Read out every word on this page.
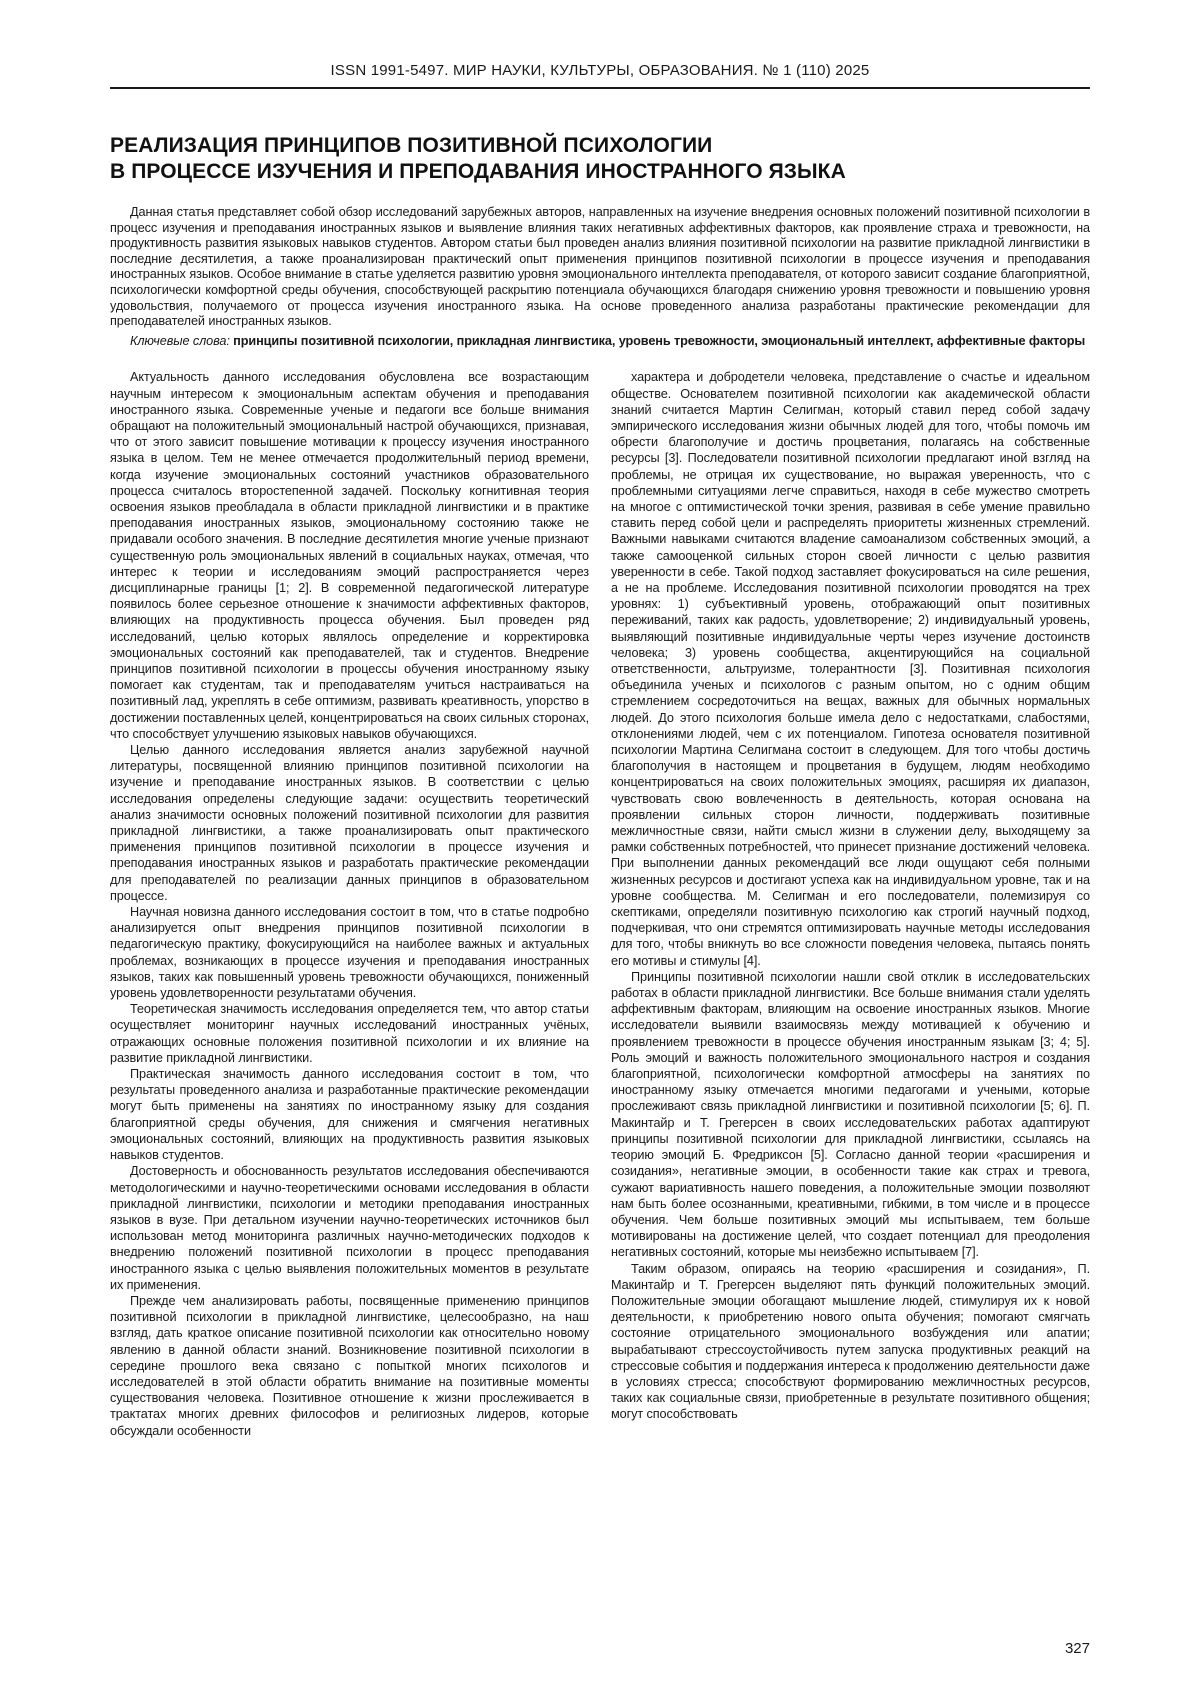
ISSN 1991-5497. МИР НАУКИ, КУЛЬТУРЫ, ОБРАЗОВАНИЯ. № 1 (110) 2025
РЕАЛИЗАЦИЯ ПРИНЦИПОВ ПОЗИТИВНОЙ ПСИХОЛОГИИ
В ПРОЦЕССЕ ИЗУЧЕНИЯ И ПРЕПОДАВАНИЯ ИНОСТРАННОГО ЯЗЫКА

Данная статья представляет собой обзор исследований зарубежных авторов, направленных на изучение внедрения основных положений позитивной психологии в процесс изучения и преподавания иностранных языков и выявление влияния таких негативных аффективных факторов, как проявление страха и тревожности, на продуктивность развития языковых навыков студентов. Автором статьи был проведен анализ влияния позитивной психологии на развитие прикладной лингвистики в последние десятилетия, а также проанализирован практический опыт применения принципов позитивной психологии в процессе изучения и преподавания иностранных языков. Особое внимание в статье уделяется развитию уровня эмоционального интеллекта преподавателя, от которого зависит создание благоприятной, психологически комфортной среды обучения, способствующей раскрытию потенциала обучающихся благодаря снижению уровня тревожности и повышению уровня удовольствия, получаемого от процесса изучения иностранного языка. На основе проведенного анализа разработаны практические рекомендации для преподавателей иностранных языков.

Ключевые слова: принципы позитивной психологии, прикладная лингвистика, уровень тревожности, эмоциональный интеллект, аффективные факторы

Актуальность данного исследования обусловлена все возрастающим научным интересом к эмоциональным аспектам обучения и преподавания иностранного языка. Современные ученые и педагоги все больше внимания обращают на положительный эмоциональный настрой обучающихся, признавая, что от этого зависит повышение мотивации к процессу изучения иностранного языка в целом. Тем не менее отмечается продолжительный период времени, когда изучение эмоциональных состояний участников образовательного процесса считалось второстепенной задачей. Поскольку когнитивная теория освоения языков преобладала в области прикладной лингвистики и в практике преподавания иностранных языков, эмоциональному состоянию также не придавали особого значения. В последние десятилетия многие ученые признают существенную роль эмоциональных явлений в социальных науках, отмечая, что интерес к теории и исследованиям эмоций распространяется через дисциплинарные границы [1; 2]. В современной педагогической литературе появилось более серьезное отношение к значимости аффективных факторов, влияющих на продуктивность процесса обучения. Был проведен ряд исследований, целью которых являлось определение и корректировка эмоциональных состояний как преподавателей, так и студентов. Внедрение принципов позитивной психологии в процессы обучения иностранному языку помогает как студентам, так и преподавателям учиться настраиваться на позитивный лад, укреплять в себе оптимизм, развивать креативность, упорство в достижении поставленных целей, концентрироваться на своих сильных сторонах, что способствует улучшению языковых навыков обучающихся.

Целью данного исследования является анализ зарубежной научной литературы, посвященной влиянию принципов позитивной психологии на изучение и преподавание иностранных языков. В соответствии с целью исследования определены следующие задачи: осуществить теоретический анализ значимости основных положений позитивной психологии для развития прикладной лингвистики, а также проанализировать опыт практического применения принципов позитивной психологии в процессе изучения и преподавания иностранных языков и разработать практические рекомендации для преподавателей по реализации данных принципов в образовательном процессе.

Научная новизна данного исследования состоит в том, что в статье подробно анализируется опыт внедрения принципов позитивной психологии в педагогическую практику, фокусирующийся на наиболее важных и актуальных проблемах, возникающих в процессе изучения и преподавания иностранных языков, таких как повышенный уровень тревожности обучающихся, пониженный уровень удовлетворенности результатами обучения.

Теоретическая значимость исследования определяется тем, что автор статьи осуществляет мониторинг научных исследований иностранных учёных, отражающих основные положения позитивной психологии и их влияние на развитие прикладной лингвистики.

Практическая значимость данного исследования состоит в том, что результаты проведенного анализа и разработанные практические рекомендации могут быть применены на занятиях по иностранному языку для создания благоприятной среды обучения, для снижения и смягчения негативных эмоциональных состояний, влияющих на продуктивность развития языковых навыков студентов.

Достоверность и обоснованность результатов исследования обеспечиваются методологическими и научно-теоретическими основами исследования в области прикладной лингвистики, психологии и методики преподавания иностранных языков в вузе. При детальном изучении научно-теоретических источников был использован метод мониторинга различных научно-методических подходов к внедрению положений позитивной психологии в процесс преподавания иностранного языка с целью выявления положительных моментов в результате их применения.

Прежде чем анализировать работы, посвященные применению принципов позитивной психологии в прикладной лингвистике, целесообразно, на наш взгляд, дать краткое описание позитивной психологии как относительно новому явлению в данной области знаний. Возникновение позитивной психологии в середине прошлого века связано с попыткой многих психологов и исследователей в этой области обратить внимание на позитивные моменты существования человека. Позитивное отношение к жизни прослеживается в трактатах многих древних философов и религиозных лидеров, которые обсуждали особенности

характера и добродетели человека, представление о счастье и идеальном обществе. Основателем позитивной психологии как академической области знаний считается Мартин Селигман, который ставил перед собой задачу эмпирического исследования жизни обычных людей для того, чтобы помочь им обрести благополучие и достичь процветания, полагаясь на собственные ресурсы [3]. Последователи позитивной психологии предлагают иной взгляд на проблемы, не отрицая их существование, но выражая уверенность, что с проблемными ситуациями легче справиться, находя в себе мужество смотреть на многое с оптимистической точки зрения, развивая в себе умение правильно ставить перед собой цели и распределять приоритеты жизненных стремлений. Важными навыками считаются владение самоанализом собственных эмоций, а также самооценкой сильных сторон своей личности с целью развития уверенности в себе. Такой подход заставляет фокусироваться на силе решения, а не на проблеме. Исследования позитивной психологии проводятся на трех уровнях: 1) субъективный уровень, отображающий опыт позитивных переживаний, таких как радость, удовлетворение; 2) индивидуальный уровень, выявляющий позитивные индивидуальные черты через изучение достоинств человека; 3) уровень сообщества, акцентирующийся на социальной ответственности, альтруизме, толерантности [3]. Позитивная психология объединила ученых и психологов с разным опытом, но с одним общим стремлением сосредоточиться на вещах, важных для обычных нормальных людей. До этого психология больше имела дело с недостатками, слабостями, отклонениями людей, чем с их потенциалом. Гипотеза основателя позитивной психологии Мартина Селигмана состоит в следующем. Для того чтобы достичь благополучия в настоящем и процветания в будущем, людям необходимо концентрироваться на своих положительных эмоциях, расширяя их диапазон, чувствовать свою вовлеченность в деятельность, которая основана на проявлении сильных сторон личности, поддерживать позитивные межличностные связи, найти смысл жизни в служении делу, выходящему за рамки собственных потребностей, что принесет признание достижений человека. При выполнении данных рекомендаций все люди ощущают себя полными жизненных ресурсов и достигают успеха как на индивидуальном уровне, так и на уровне сообщества. М. Селигман и его последователи, полемизируя со скептиками, определяли позитивную психологию как строгий научный подход, подчеркивая, что они стремятся оптимизировать научные методы исследования для того, чтобы вникнуть во все сложности поведения человека, пытаясь понять его мотивы и стимулы [4].

Принципы позитивной психологии нашли свой отклик в исследовательских работах в области прикладной лингвистики. Все больше внимания стали уделять аффективным факторам, влияющим на освоение иностранных языков. Многие исследователи выявили взаимосвязь между мотивацией к обучению и проявлением тревожности в процессе обучения иностранным языкам [3; 4; 5]. Роль эмоций и важность положительного эмоционального настроя и создания благоприятной, психологически комфортной атмосферы на занятиях по иностранному языку отмечается многими педагогами и учеными, которые прослеживают связь прикладной лингвистики и позитивной психологии [5; 6]. П. Макинтайр и Т. Грегерсен в своих исследовательских работах адаптируют принципы позитивной психологии для прикладной лингвистики, ссылаясь на теорию эмоций Б. Фредриксон [5]. Согласно данной теории «расширения и созидания», негативные эмоции, в особенности такие как страх и тревога, сужают вариативность нашего поведения, а положительные эмоции позволяют нам быть более осознанными, креативными, гибкими, в том числе и в процессе обучения. Чем больше позитивных эмоций мы испытываем, тем больше мотивированы на достижение целей, что создает потенциал для преодоления негативных состояний, которые мы неизбежно испытываем [7].

Таким образом, опираясь на теорию «расширения и созидания», П. Макинтайр и Т. Грегерсен выделяют пять функций положительных эмоций. Положительные эмоции обогащают мышление людей, стимулируя их к новой деятельности, к приобретению нового опыта обучения; помогают смягчать состояние отрицательного эмоционального возбуждения или апатии; вырабатывают стрессоустойчивость путем запуска продуктивных реакций на стрессовые события и поддержания интереса к продолжению деятельности даже в условиях стресса; способствуют формированию межличностных ресурсов, таких как социальные связи, приобретенные в результате позитивного общения; могут способствовать

327
